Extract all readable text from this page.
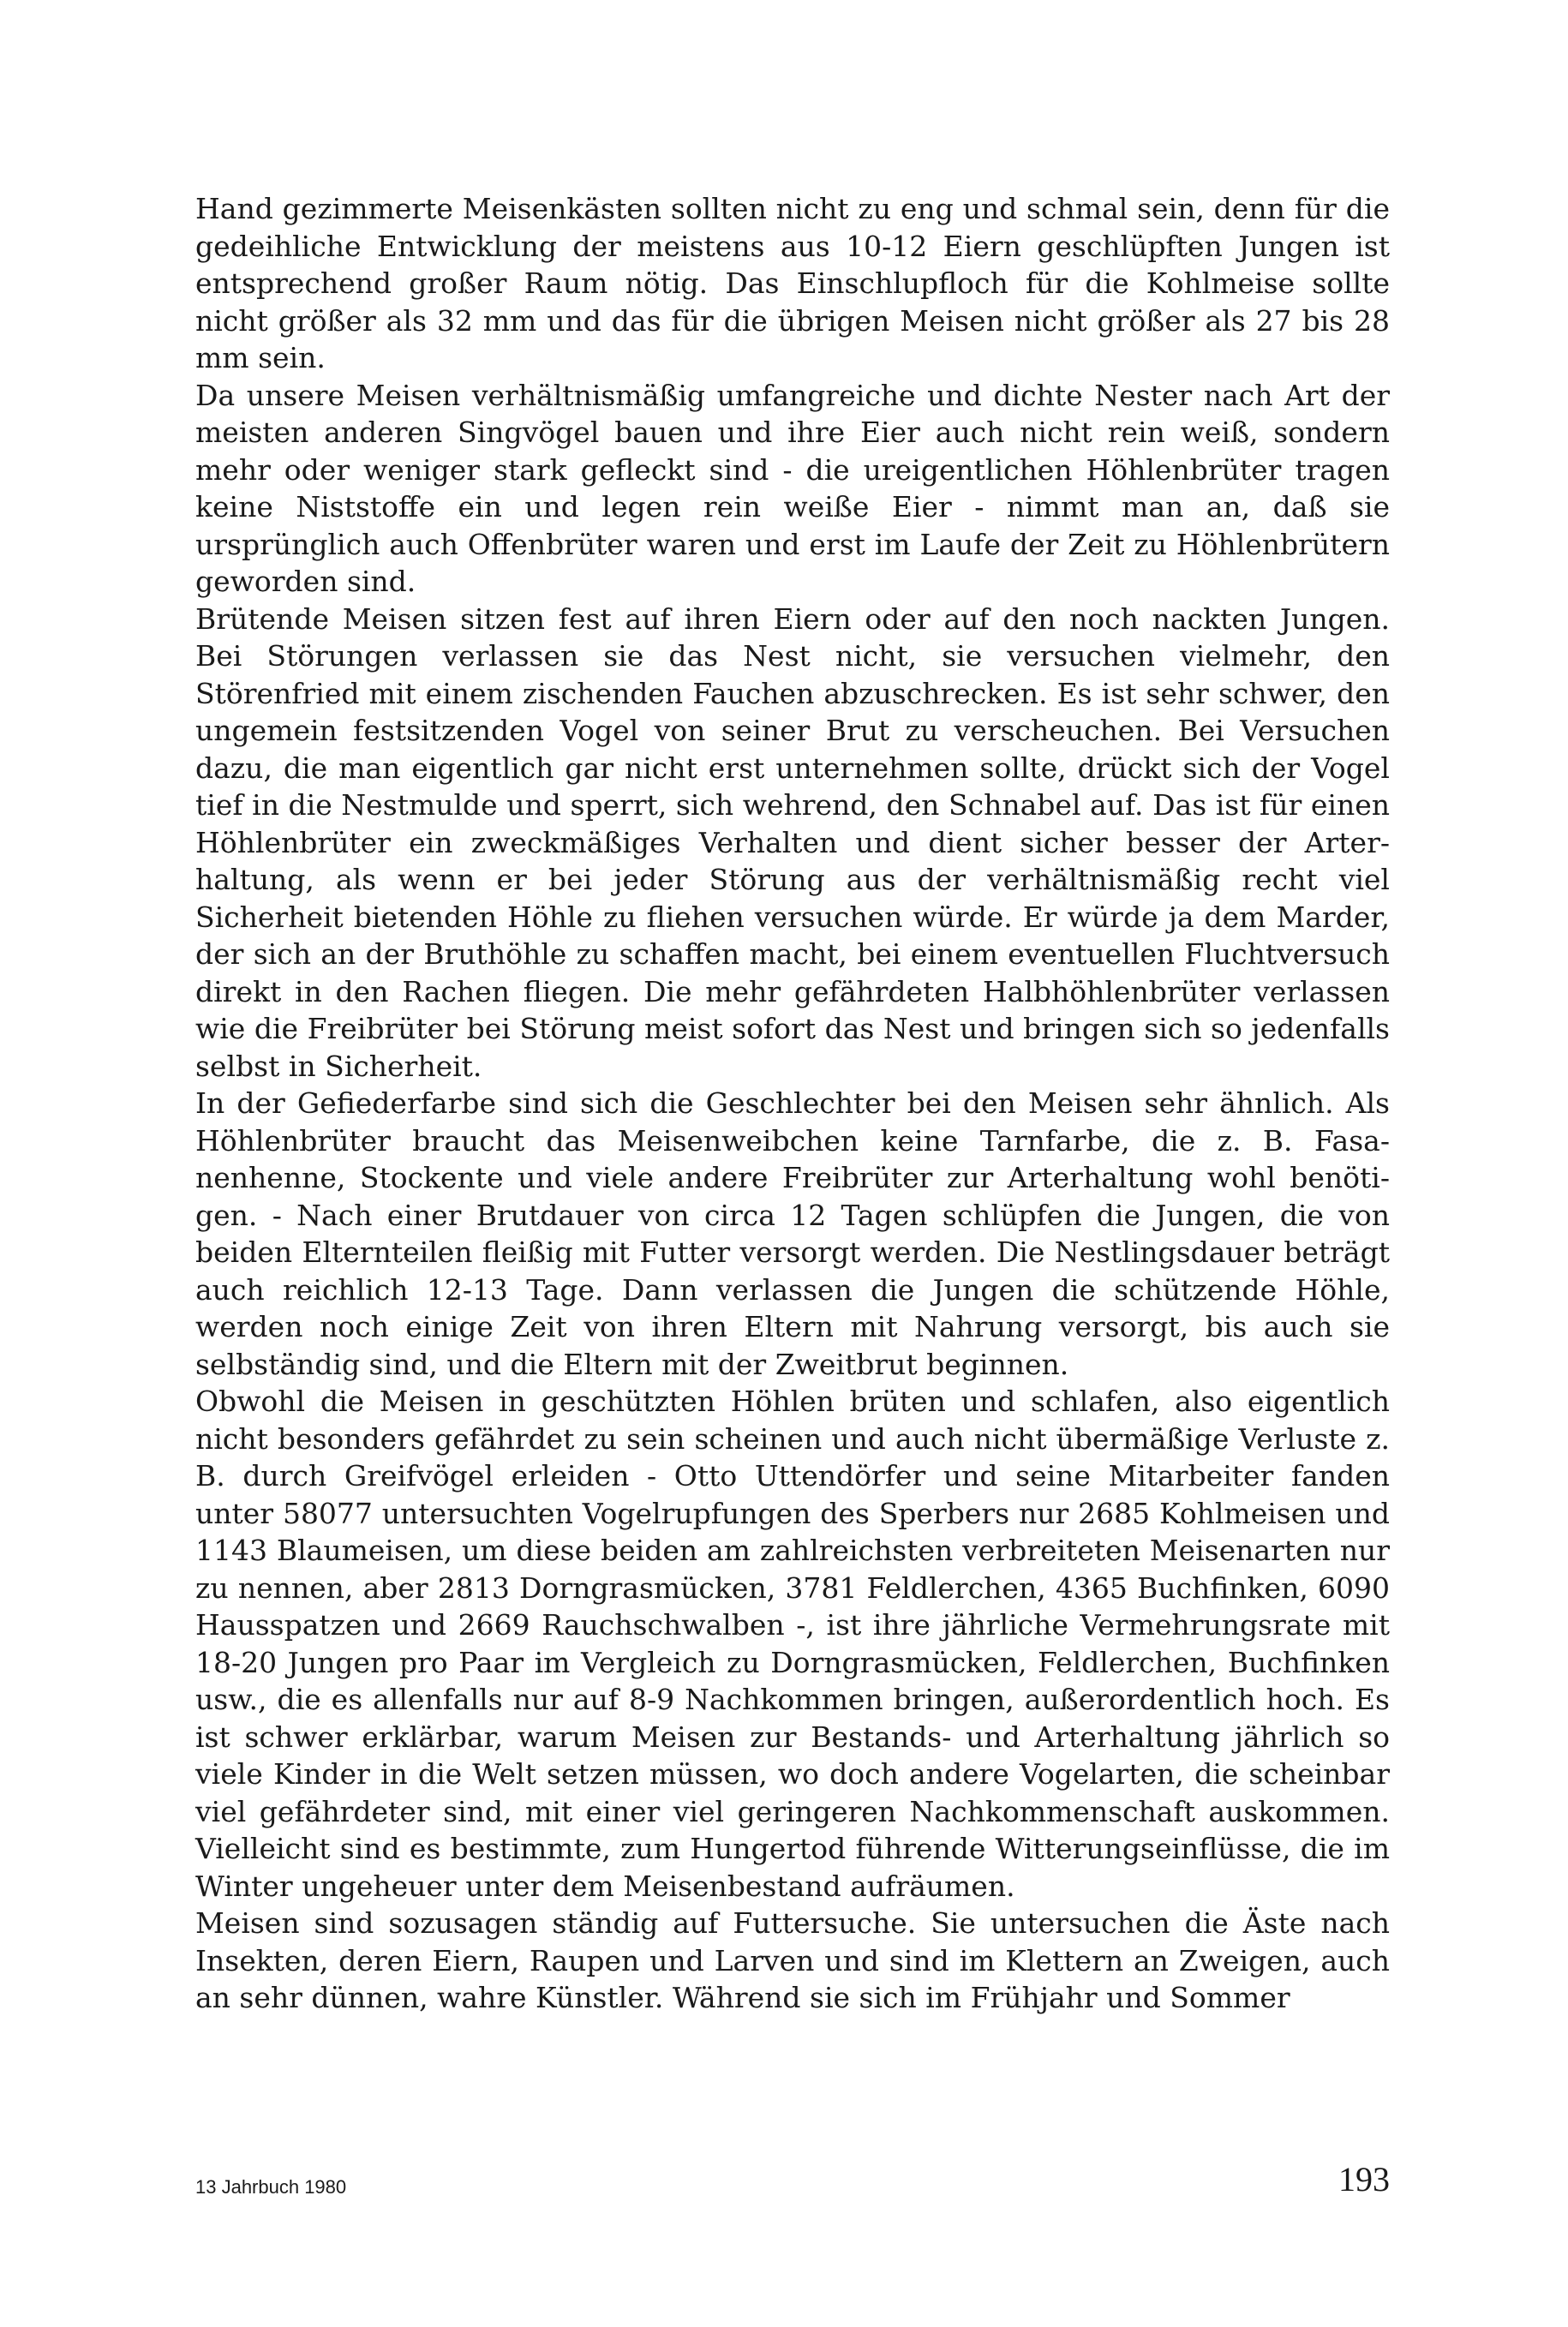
Hand gezimmerte Meisenkästen sollten nicht zu eng und schmal sein, denn für die gedeihliche Entwicklung der meistens aus 10-12 Eiern geschlüpften Jungen ist entsprechend großer Raum nötig. Das Einschlupfloch für die Kohlmeise sollte nicht größer als 32 mm und das für die übrigen Meisen nicht größer als 27 bis 28 mm sein.

Da unsere Meisen verhältnismäßig umfangreiche und dichte Nester nach Art der meisten anderen Singvögel bauen und ihre Eier auch nicht rein weiß, sondern mehr oder weniger stark gefleckt sind - die ureigentlichen Höhlenbrüter tragen keine Niststoffe ein und legen rein weiße Eier - nimmt man an, daß sie ursprünglich auch Offenbrüter waren und erst im Laufe der Zeit zu Höhlenbrütern geworden sind.

Brütende Meisen sitzen fest auf ihren Eiern oder auf den noch nackten Jungen. Bei Störungen verlassen sie das Nest nicht, sie versuchen vielmehr, den Störenfried mit einem zischenden Fauchen abzuschrecken. Es ist sehr schwer, den ungemein festsitzenden Vogel von seiner Brut zu verscheuchen. Bei Versuchen dazu, die man eigentlich gar nicht erst unternehmen sollte, drückt sich der Vogel tief in die Nestmulde und sperrt, sich wehrend, den Schnabel auf. Das ist für einen Höhlenbrüter ein zweckmäßiges Verhalten und dient sicher besser der Arterhaltung, als wenn er bei jeder Störung aus der verhältnismäßig recht viel Sicherheit bietenden Höhle zu fliehen versuchen würde. Er würde ja dem Marder, der sich an der Bruthöhle zu schaffen macht, bei einem eventuellen Fluchtversuch direkt in den Rachen fliegen. Die mehr gefährdeten Halbhöhlenbrüter verlassen wie die Freibrüter bei Störung meist sofort das Nest und bringen sich so jedenfalls selbst in Sicherheit.

In der Gefiederfarbe sind sich die Geschlechter bei den Meisen sehr ähnlich. Als Höhlenbrüter braucht das Meisenweibchen keine Tarnfarbe, die z. B. Fasanenhenne, Stockente und viele andere Freibrüter zur Arterhaltung wohl benötigen. - Nach einer Brutdauer von circa 12 Tagen schlüpfen die Jungen, die von beiden Elternteilen fleißig mit Futter versorgt werden. Die Nestlingsdauer beträgt auch reichlich 12-13 Tage. Dann verlassen die Jungen die schützende Höhle, werden noch einige Zeit von ihren Eltern mit Nahrung versorgt, bis auch sie selbständig sind, und die Eltern mit der Zweitbrut beginnen.

Obwohl die Meisen in geschützten Höhlen brüten und schlafen, also eigentlich nicht besonders gefährdet zu sein scheinen und auch nicht übermäßige Verluste z. B. durch Greifvögel erleiden - Otto Uttendörfer und seine Mitarbeiter fanden unter 58077 untersuchten Vogelrupfungen des Sperbers nur 2685 Kohlmeisen und 1143 Blaumeisen, um diese beiden am zahlreichsten verbreiteten Meisenarten nur zu nennen, aber 2813 Dorngrasmücken, 3781 Feldlerchen, 4365 Buchfinken, 6090 Hausspatzen und 2669 Rauchschwalben -, ist ihre jährliche Vermehrungsrate mit 18-20 Jungen pro Paar im Vergleich zu Dorngrasmücken, Feldlerchen, Buchfinken usw., die es allenfalls nur auf 8-9 Nachkommen bringen, außerordentlich hoch. Es ist schwer erklärbar, warum Meisen zur Bestands- und Arterhaltung jährlich so viele Kinder in die Welt setzen müssen, wo doch andere Vogelarten, die scheinbar viel gefährdeter sind, mit einer viel geringeren Nachkommenschaft auskommen. Vielleicht sind es bestimmte, zum Hungertod führende Witterungseinflüsse, die im Winter ungeheuer unter dem Meisenbestand aufräumen.

Meisen sind sozusagen ständig auf Futtersuche. Sie untersuchen die Äste nach Insekten, deren Eiern, Raupen und Larven und sind im Klettern an Zweigen, auch an sehr dünnen, wahre Künstler. Während sie sich im Frühjahr und Sommer

13 Jahrbuch 1980	193
